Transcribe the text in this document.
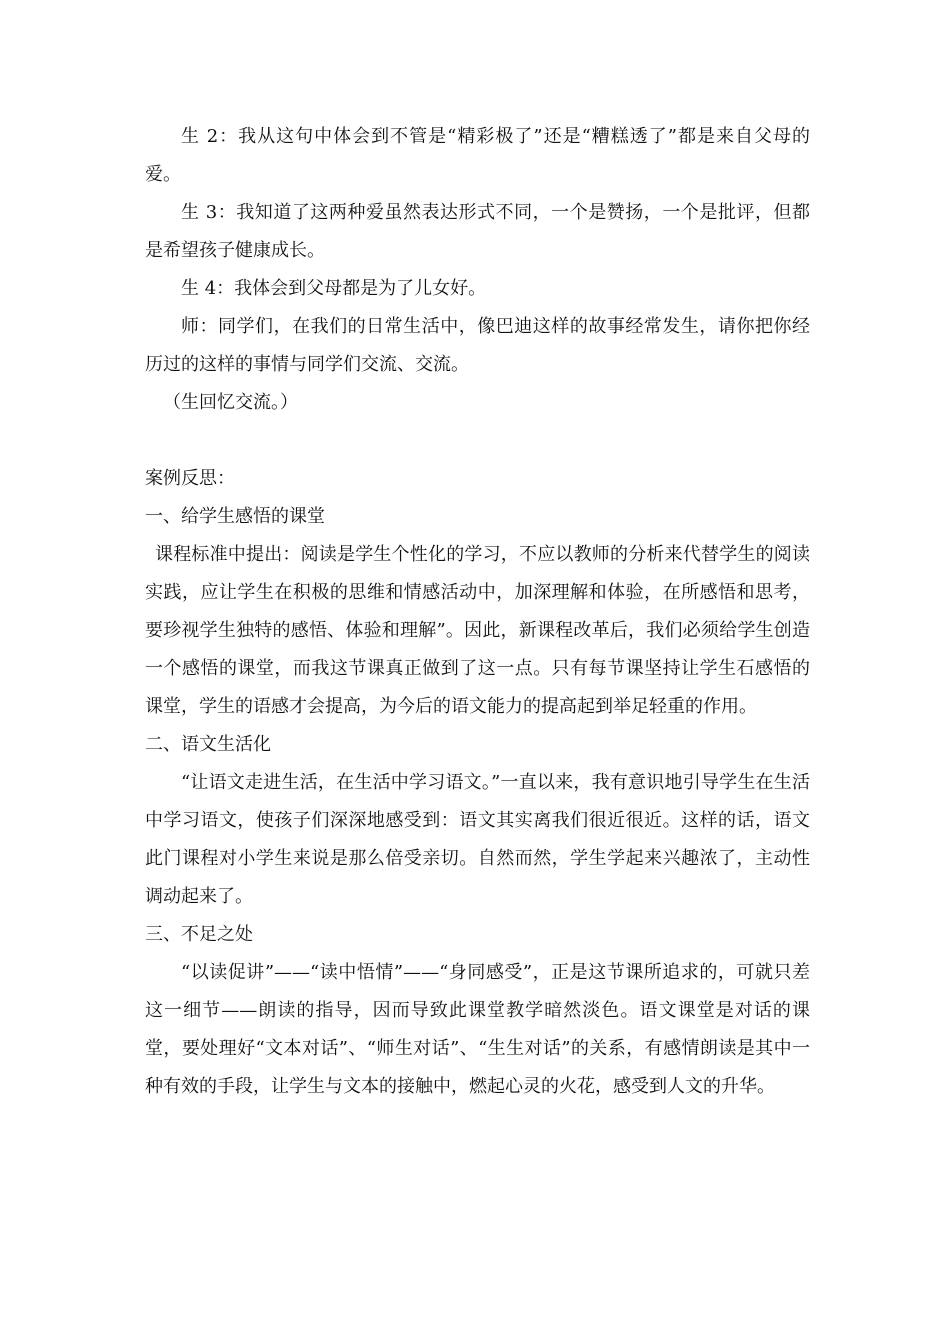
生 2：我从这句中体会到不管是“精彩极了”还是“糟糕透了”都是来自父母的爱。

生 3：我知道了这两种爱虽然表达形式不同，一个是赞扬，一个是批评，但都是希望孩子健康成长。

生 4：我体会到父母都是为了儿女好。

师：同学们，在我们的日常生活中，像巴迪这样的故事经常发生，请你把你经历过的这样的事情与同学们交流、交流。

（生回忆交流。）

案例反思：

一、给学生感悟的课堂

课程标准中提出：阅读是学生个性化的学习，不应以教师的分析来代替学生的阅读实践，应让学生在积极的思维和情感活动中，加深理解和体验，在所感悟和思考，要珍视学生独特的感悟、体验和理解”。因此，新课程改革后，我们必须给学生创造一个感悟的课堂，而我这节课真正做到了这一点。只有每节课坚持让学生石感悟的课堂，学生的语感才会提高，为今后的语文能力的提高起到举足轻重的作用。

二、语文生活化

“让语文走进生活，在生活中学习语文。”一直以来，我有意识地引导学生在生活中学习语文，使孩子们深深地感受到：语文其实离我们很近很近。这样的话，语文此门课程对小学生来说是那么倍受亲切。自然而然，学生学起来兴趣浓了，主动性调动起来了。

三、不足之处

“以读促讲”——“读中悟情”——“身同感受”，正是这节课所追求的，可就只差这一细节——朗读的指导，因而导致此课堂教学暗然淡色。语文课堂是对话的课堂，要处理好“文本对话”、“师生对话”、“生生对话”的关系，有感情朗读是其中一种有效的手段，让学生与文本的接触中，燃起心灵的火花，感受到人文的升华。
